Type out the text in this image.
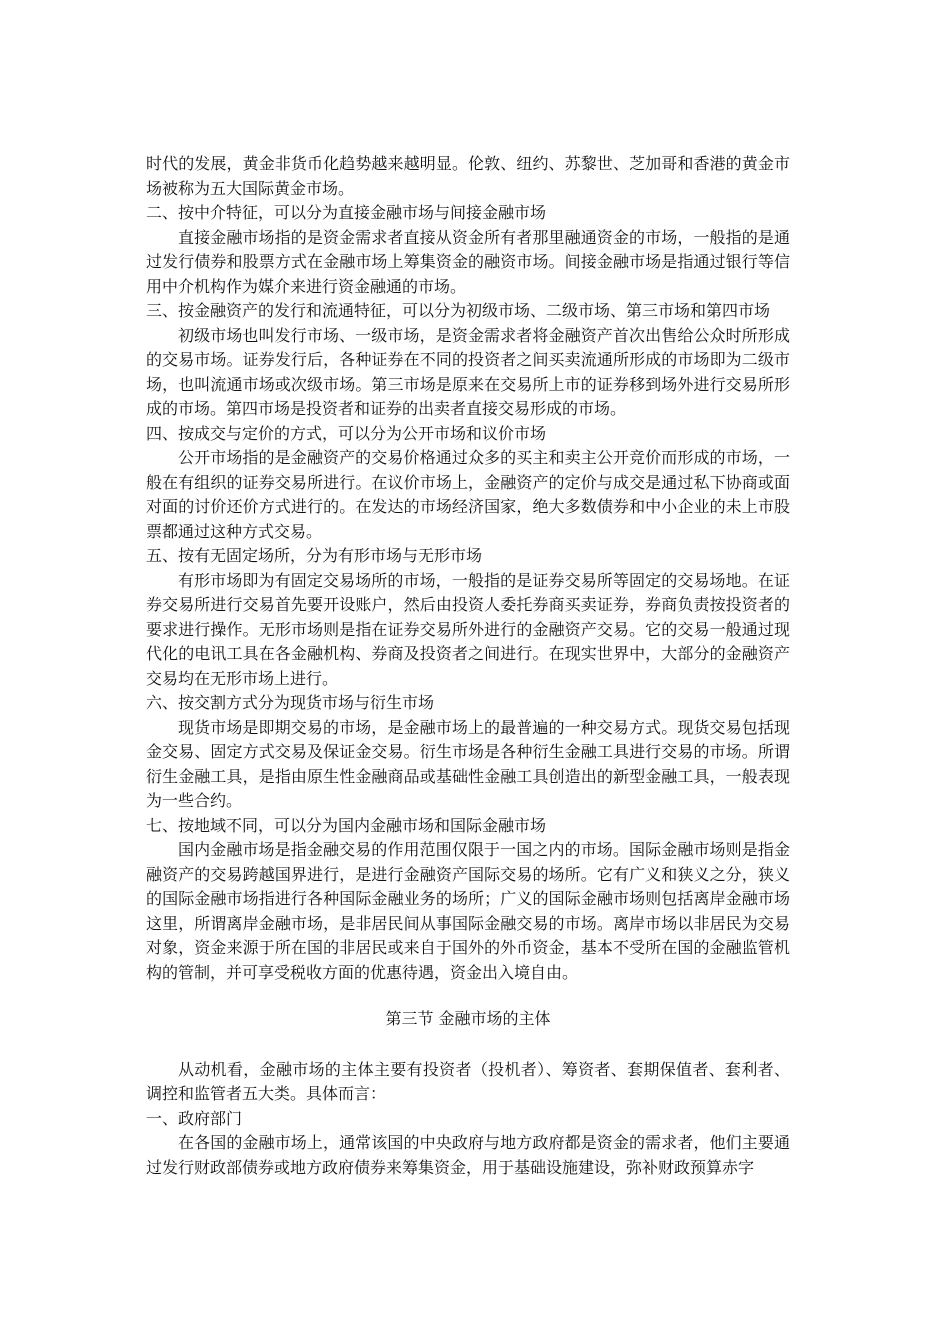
时代的发展，黄金非货币化趋势越来越明显。伦敦、纽约、苏黎世、芝加哥和香港的黄金市场被称为五大国际黄金市场。

二、按中介特征，可以分为直接金融市场与间接金融市场

直接金融市场指的是资金需求者直接从资金所有者那里融通资金的市场，一般指的是通过发行债券和股票方式在金融市场上筹集资金的融资市场。间接金融市场是指通过银行等信用中介机构作为媒介来进行资金融通的市场。

三、按金融资产的发行和流通特征，可以分为初级市场、二级市场、第三市场和第四市场

初级市场也叫发行市场、一级市场，是资金需求者将金融资产首次出售给公众时所形成的交易市场。证券发行后，各种证券在不同的投资者之间买卖流通所形成的市场即为二级市场，也叫流通市场或次级市场。第三市场是原来在交易所上市的证券移到场外进行交易所形成的市场。第四市场是投资者和证券的出卖者直接交易形成的市场。

四、按成交与定价的方式，可以分为公开市场和议价市场

公开市场指的是金融资产的交易价格通过众多的买主和卖主公开竞价而形成的市场，一般在有组织的证券交易所进行。在议价市场上，金融资产的定价与成交是通过私下协商或面对面的讨价还价方式进行的。在发达的市场经济国家，绝大多数债券和中小企业的未上市股票都通过这种方式交易。

五、按有无固定场所，分为有形市场与无形市场

有形市场即为有固定交易场所的市场，一般指的是证券交易所等固定的交易场地。在证券交易所进行交易首先要开设账户，然后由投资人委托券商买卖证券，券商负责按投资者的要求进行操作。无形市场则是指在证券交易所外进行的金融资产交易。它的交易一般通过现代化的电讯工具在各金融机构、券商及投资者之间进行。在现实世界中，大部分的金融资产交易均在无形市场上进行。

六、按交割方式分为现货市场与衍生市场

现货市场是即期交易的市场，是金融市场上的最普遍的一种交易方式。现货交易包括现金交易、固定方式交易及保证金交易。衍生市场是各种衍生金融工具进行交易的市场。所谓衍生金融工具，是指由原生性金融商品或基础性金融工具创造出的新型金融工具，一般表现为一些合约。

七、按地域不同，可以分为国内金融市场和国际金融市场

国内金融市场是指金融交易的作用范围仅限于一国之内的市场。国际金融市场则是指金融资产的交易跨越国界进行，是进行金融资产国际交易的场所。它有广义和狭义之分，狭义的国际金融市场指进行各种国际金融业务的场所；广义的国际金融市场则包括离岸金融市场这里，所谓离岸金融市场，是非居民间从事国际金融交易的市场。离岸市场以非居民为交易对象，资金来源于所在国的非居民或来自于国外的外币资金，基本不受所在国的金融监管机构的管制，并可享受税收方面的优惠待遇，资金出入境自由。

第三节 金融市场的主体

从动机看，金融市场的主体主要有投资者（投机者）、筹资者、套期保值者、套利者、调控和监管者五大类。具体而言：

一、政府部门

在各国的金融市场上，通常该国的中央政府与地方政府都是资金的需求者，他们主要通过发行财政部债券或地方政府债券来筹集资金，用于基础设施建设，弥补财政预算赤字
